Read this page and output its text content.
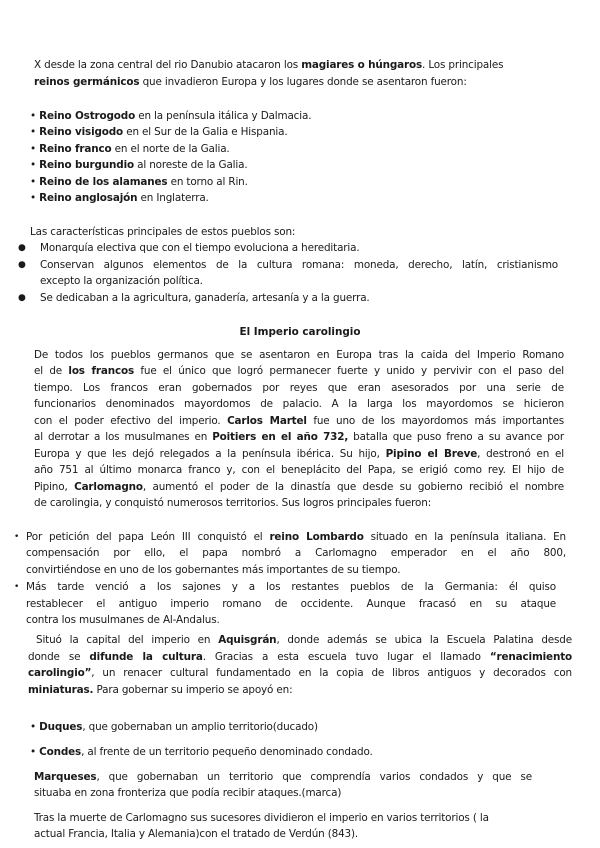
X desde la zona central del rio Danubio atacaron los magiares o húngaros. Los principales
reinos germánicos que invadieron Europa y los lugares donde se asentaron fueron:
• Reino Ostrogodo en la península itálica y Dalmacia.
• Reino visigodo en el Sur de la Galia e Hispania.
• Reino franco en el norte de la Galia.
• Reino burgundio al noreste de la Galia.
• Reino de los alamanes en torno al Rin.
• Reino anglosajón en Inglaterra.
Las características principales de estos pueblos son:
● Monarquía electiva que con el tiempo evoluciona a hereditaria.
● Conservan algunos elementos de la cultura romana: moneda, derecho, latín, cristianismo
excepto la organización política.
● Se dedicaban a la agricultura, ganadería, artesanía y a la guerra.
El Imperio carolingio
De todos los pueblos germanos que se asentaron en Europa tras la caida del Imperio Romano
el de los francos fue el único que logró permanecer fuerte y unido y pervivir con el paso del
tiempo. Los francos eran gobernados por reyes que eran asesorados por una serie de
funcionarios denominados mayordomos de palacio. A la larga los mayordomos se hicieron
con el poder efectivo del imperio. Carlos Martel fue uno de los mayordomos más importantes
al derrotar a los musulmanes en Poitiers en el año 732, batalla que puso freno a su avance por
Europa y que les dejó relegados a la península ibérica. Su hijo, Pipino el Breve, destronó en el
año 751 al último monarca franco y, con el beneplácito del Papa, se erigió como rey. El hijo de
Pipino, Carlomagno, aumentó el poder de la dinastía que desde su gobierno recibió el nombre
de carolingia, y conquistó numerosos territorios. Sus logros principales fueron:
• Por petición del papa León III conquistó el reino Lombardo situado en la península italiana. En
compensación por ello, el papa nombró a Carlomagno emperador en el año 800,
convirtiéndose en uno de los gobernantes más importantes de su tiempo.
• Más tarde venció a los sajones y a los restantes pueblos de la Germania: él quiso
restablecer el antiguo imperio romano de occidente. Aunque fracasó en su ataque
contra los musulmanes de Al-Andalus.
Situó la capital del imperio en Aquisgrán, donde además se ubica la Escuela Palatina desde
donde se difunde la cultura. Gracias a esta escuela tuvo lugar el llamado “renacimiento
carolingio”, un renacer cultural fundamentado en la copia de libros antiguos y decorados con
miniaturas. Para gobernar su imperio se apoyó en:
• Duques, que gobernaban un amplio territorio(ducado)
• Condes, al frente de un territorio pequeño denominado condado.
Marqueses, que gobernaban un territorio que comprendía varios condados y que se
situaba en zona fronteriza que podía recibir ataques.(marca)
Tras la muerte de Carlomagno sus sucesores dividieron el imperio en varios territorios ( la
actual Francia, Italia y Alemania)con el tratado de Verdún (843).
